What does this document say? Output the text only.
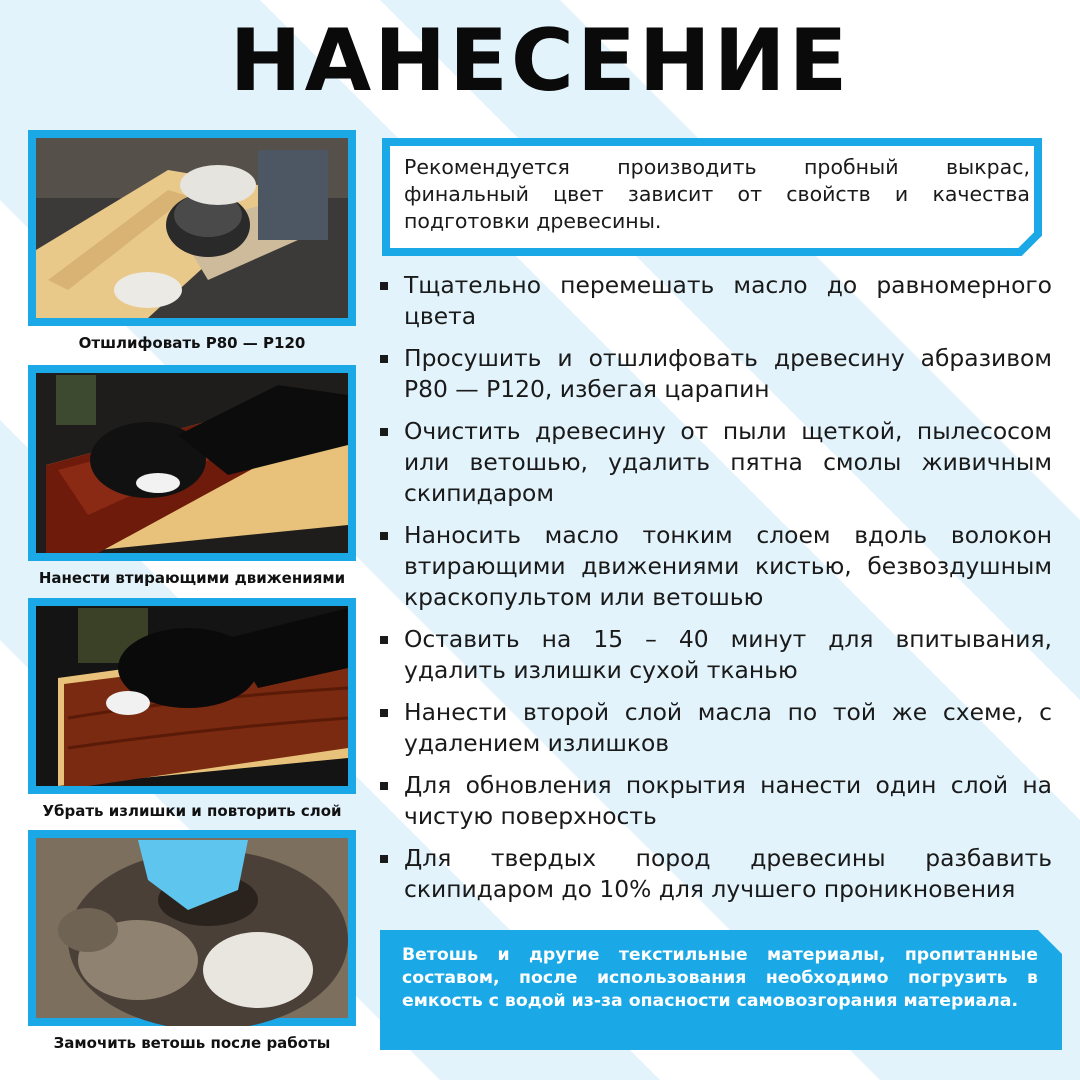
НАНЕСЕНИЕ
Отшлифовать Р80 — Р120
Нанести втирающими движениями
Убрать излишки и повторить слой
Замочить ветошь после работы
Рекомендуется производить пробный выкрас, финальный цвет зависит от свойств и качества подготовки древесины.
Тщательно перемешать масло до равномерного цвета
Просушить и отшлифовать древесину абразивом Р80 — Р120, избегая царапин
Очистить древесину от пыли щеткой, пылесосом или ветошью, удалить пятна смолы живичным скипидаром
Наносить масло тонким слоем вдоль волокон втирающими движениями кистью, безвоздушным краскопультом или ветошью
Оставить на 15 – 40 минут для впитывания, удалить излишки сухой тканью
Нанести второй слой масла по той же схеме, с удалением излишков
Для обновления покрытия нанести один слой на чистую поверхность
Для твердых пород древесины разбавить скипидаром до 10% для лучшего проникновения
Ветошь и другие текстильные материалы, пропитанные составом, после использования необходимо погрузить в емкость с водой из-за опасности самовозгорания материала.
